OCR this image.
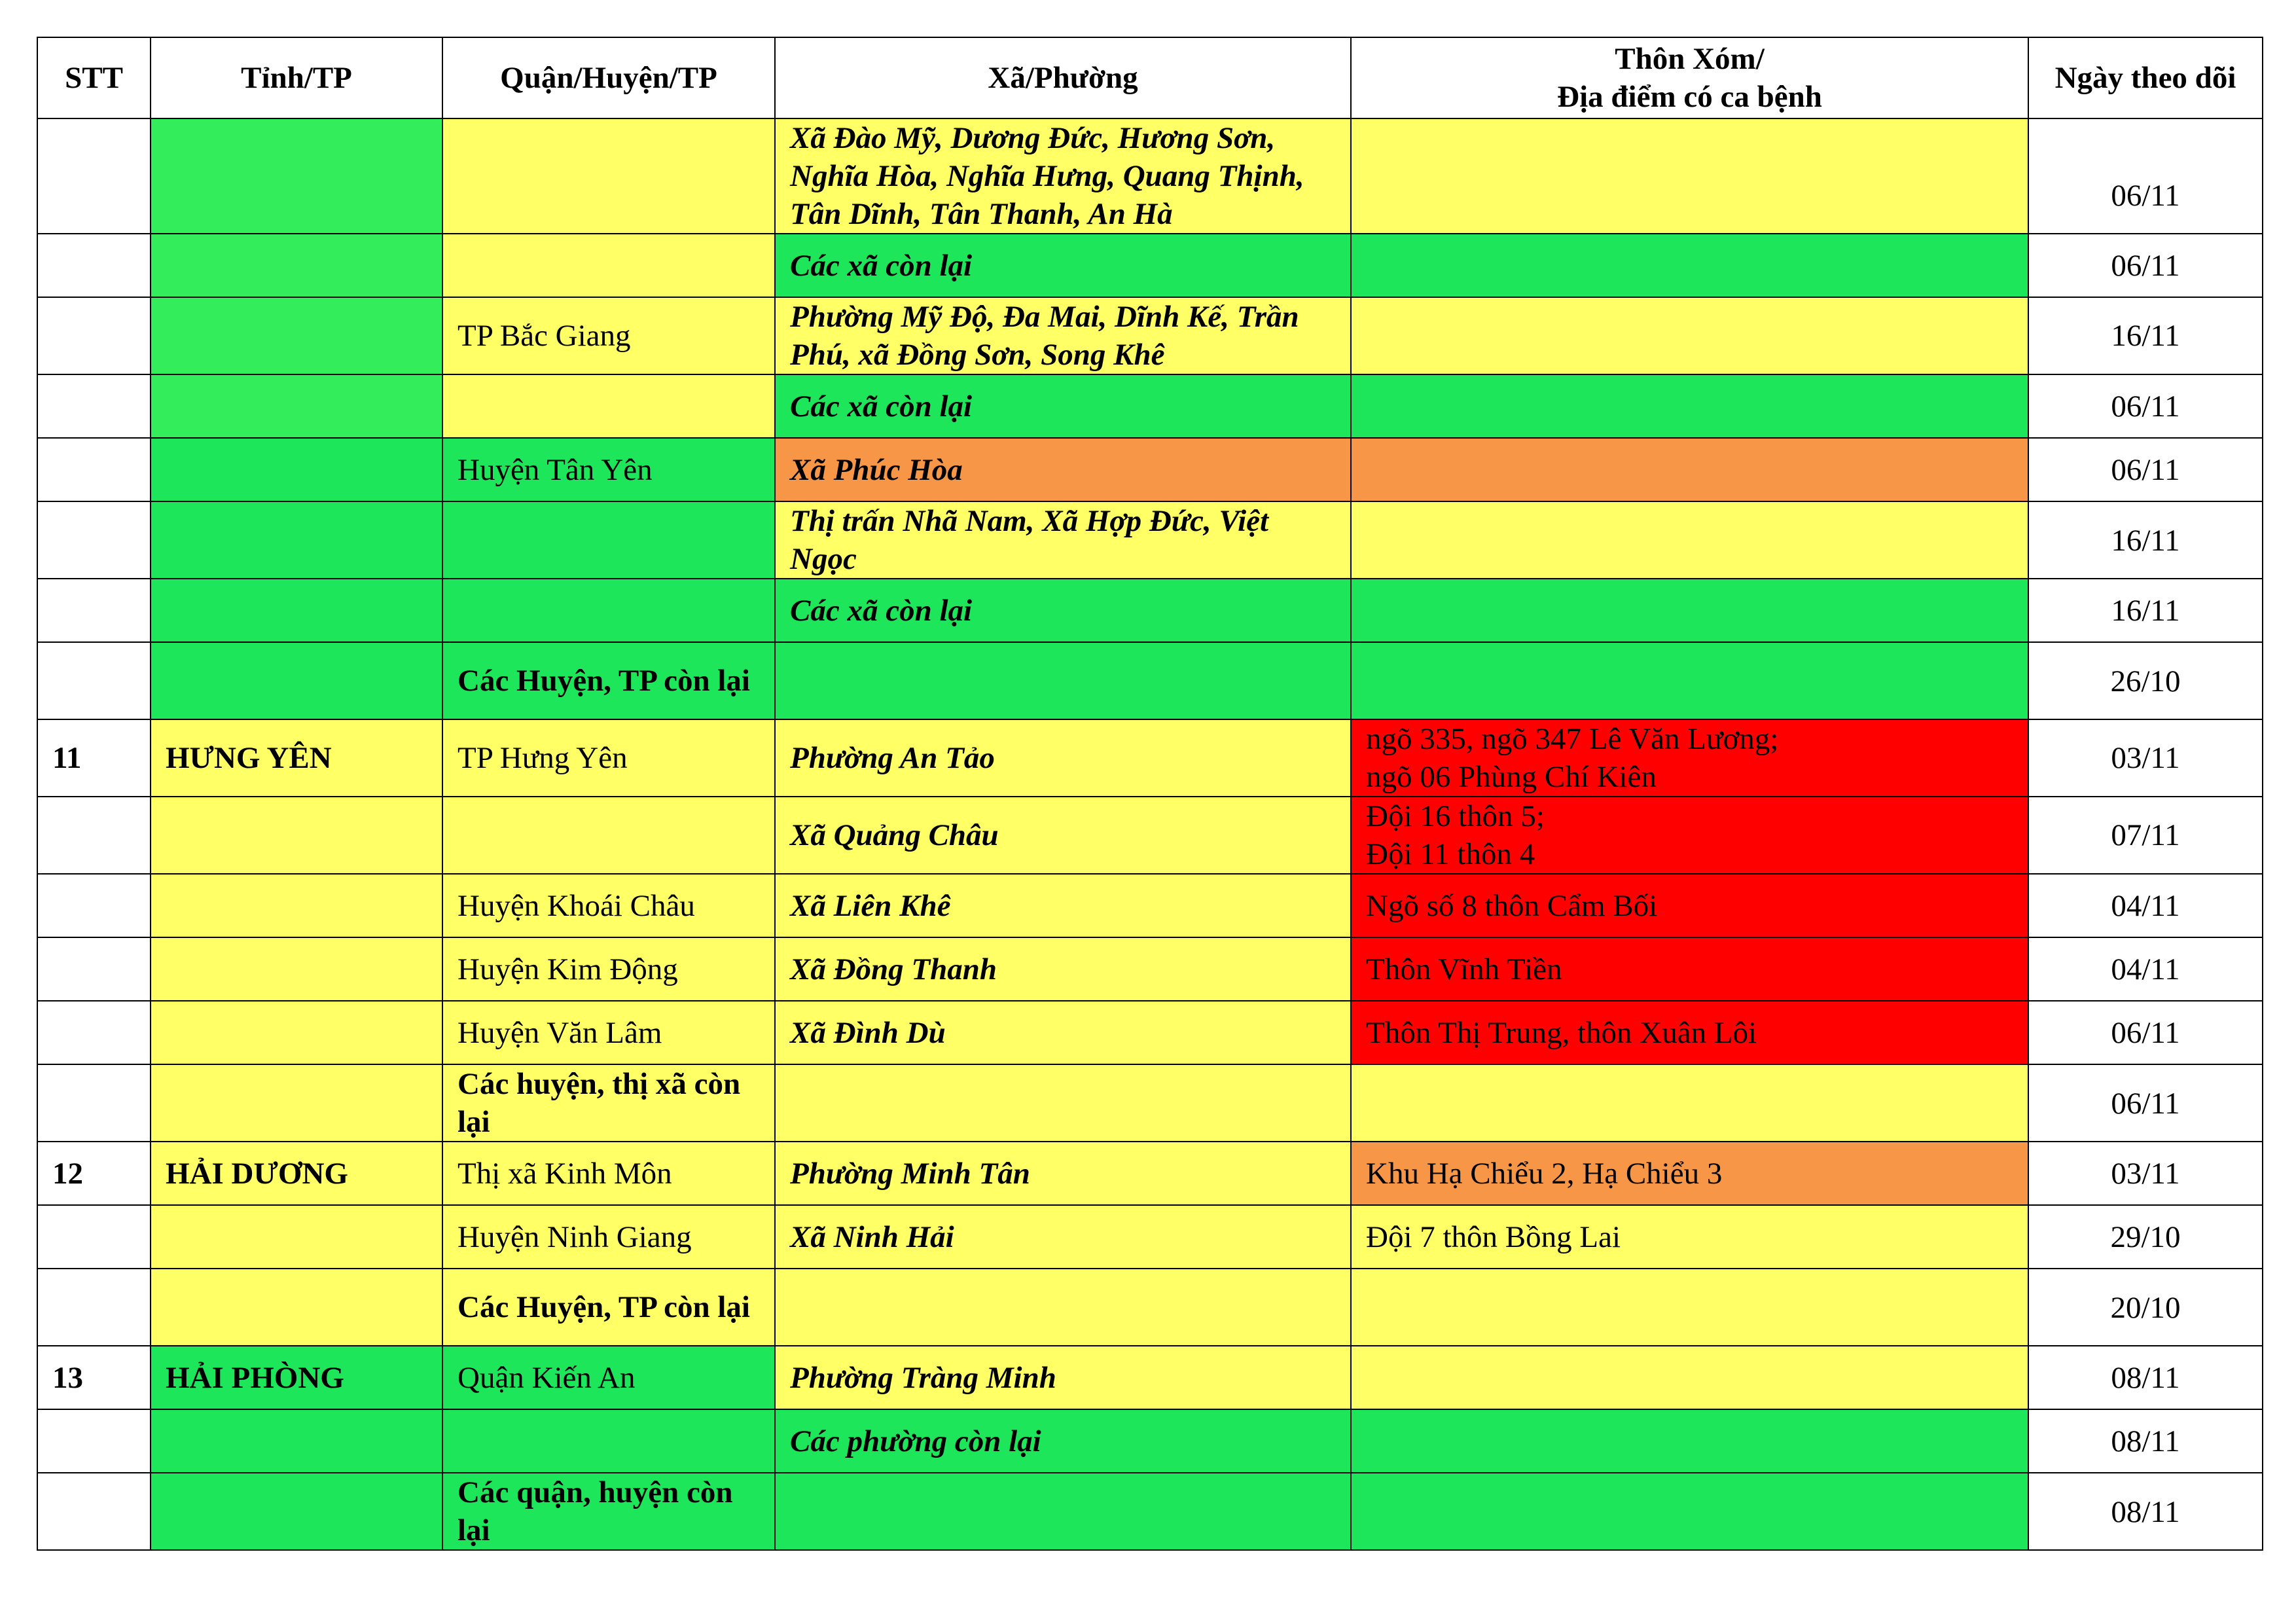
STT	Tỉnh/TP	Quận/Huyện/TP	Xã/Phường	Thôn Xóm/
Địa điểm có ca bệnh	Ngày theo dõi
			Xã Đào Mỹ, Dương Đức, Hương Sơn, Nghĩa Hòa, Nghĩa Hưng, Quang Thịnh, Tân Dĩnh, Tân Thanh, An Hà		06/11
			Các xã còn lại		06/11
		TP Bắc Giang	Phường Mỹ Độ, Đa Mai, Dĩnh Kế, Trần Phú, xã Đồng Sơn, Song Khê		16/11
			Các xã còn lại		06/11
		Huyện Tân Yên	Xã Phúc Hòa		06/11
			Thị trấn Nhã Nam, Xã Hợp Đức, Việt Ngọc		16/11
			Các xã còn lại		16/11
		Các Huyện, TP còn lại			26/10
11	HƯNG YÊN	TP Hưng Yên	Phường An Tảo	ngõ 335, ngõ 347 Lê Văn Lương;
ngõ 06 Phùng Chí Kiên	03/11
			Xã Quảng Châu	Đội 16 thôn 5;
Đội 11 thôn 4	07/11
		Huyện Khoái Châu	Xã Liên Khê	Ngõ số 8 thôn Cẩm Bối	04/11
		Huyện Kim Động	Xã Đồng Thanh	Thôn Vĩnh Tiền	04/11
		Huyện Văn Lâm	Xã Đình Dù	Thôn Thị Trung, thôn Xuân Lôi	06/11
		Các huyện, thị xã còn lại			06/11
12	HẢI DƯƠNG	Thị xã Kinh Môn	Phường Minh Tân	Khu Hạ Chiểu 2, Hạ Chiểu 3	03/11
		Huyện Ninh Giang	Xã Ninh Hải	Đội 7 thôn Bồng Lai	29/10
		Các Huyện, TP còn lại			20/10
13	HẢI PHÒNG	Quận Kiến An	Phường Tràng Minh		08/11
			Các phường còn lại		08/11
		Các quận, huyện còn lại			08/11
